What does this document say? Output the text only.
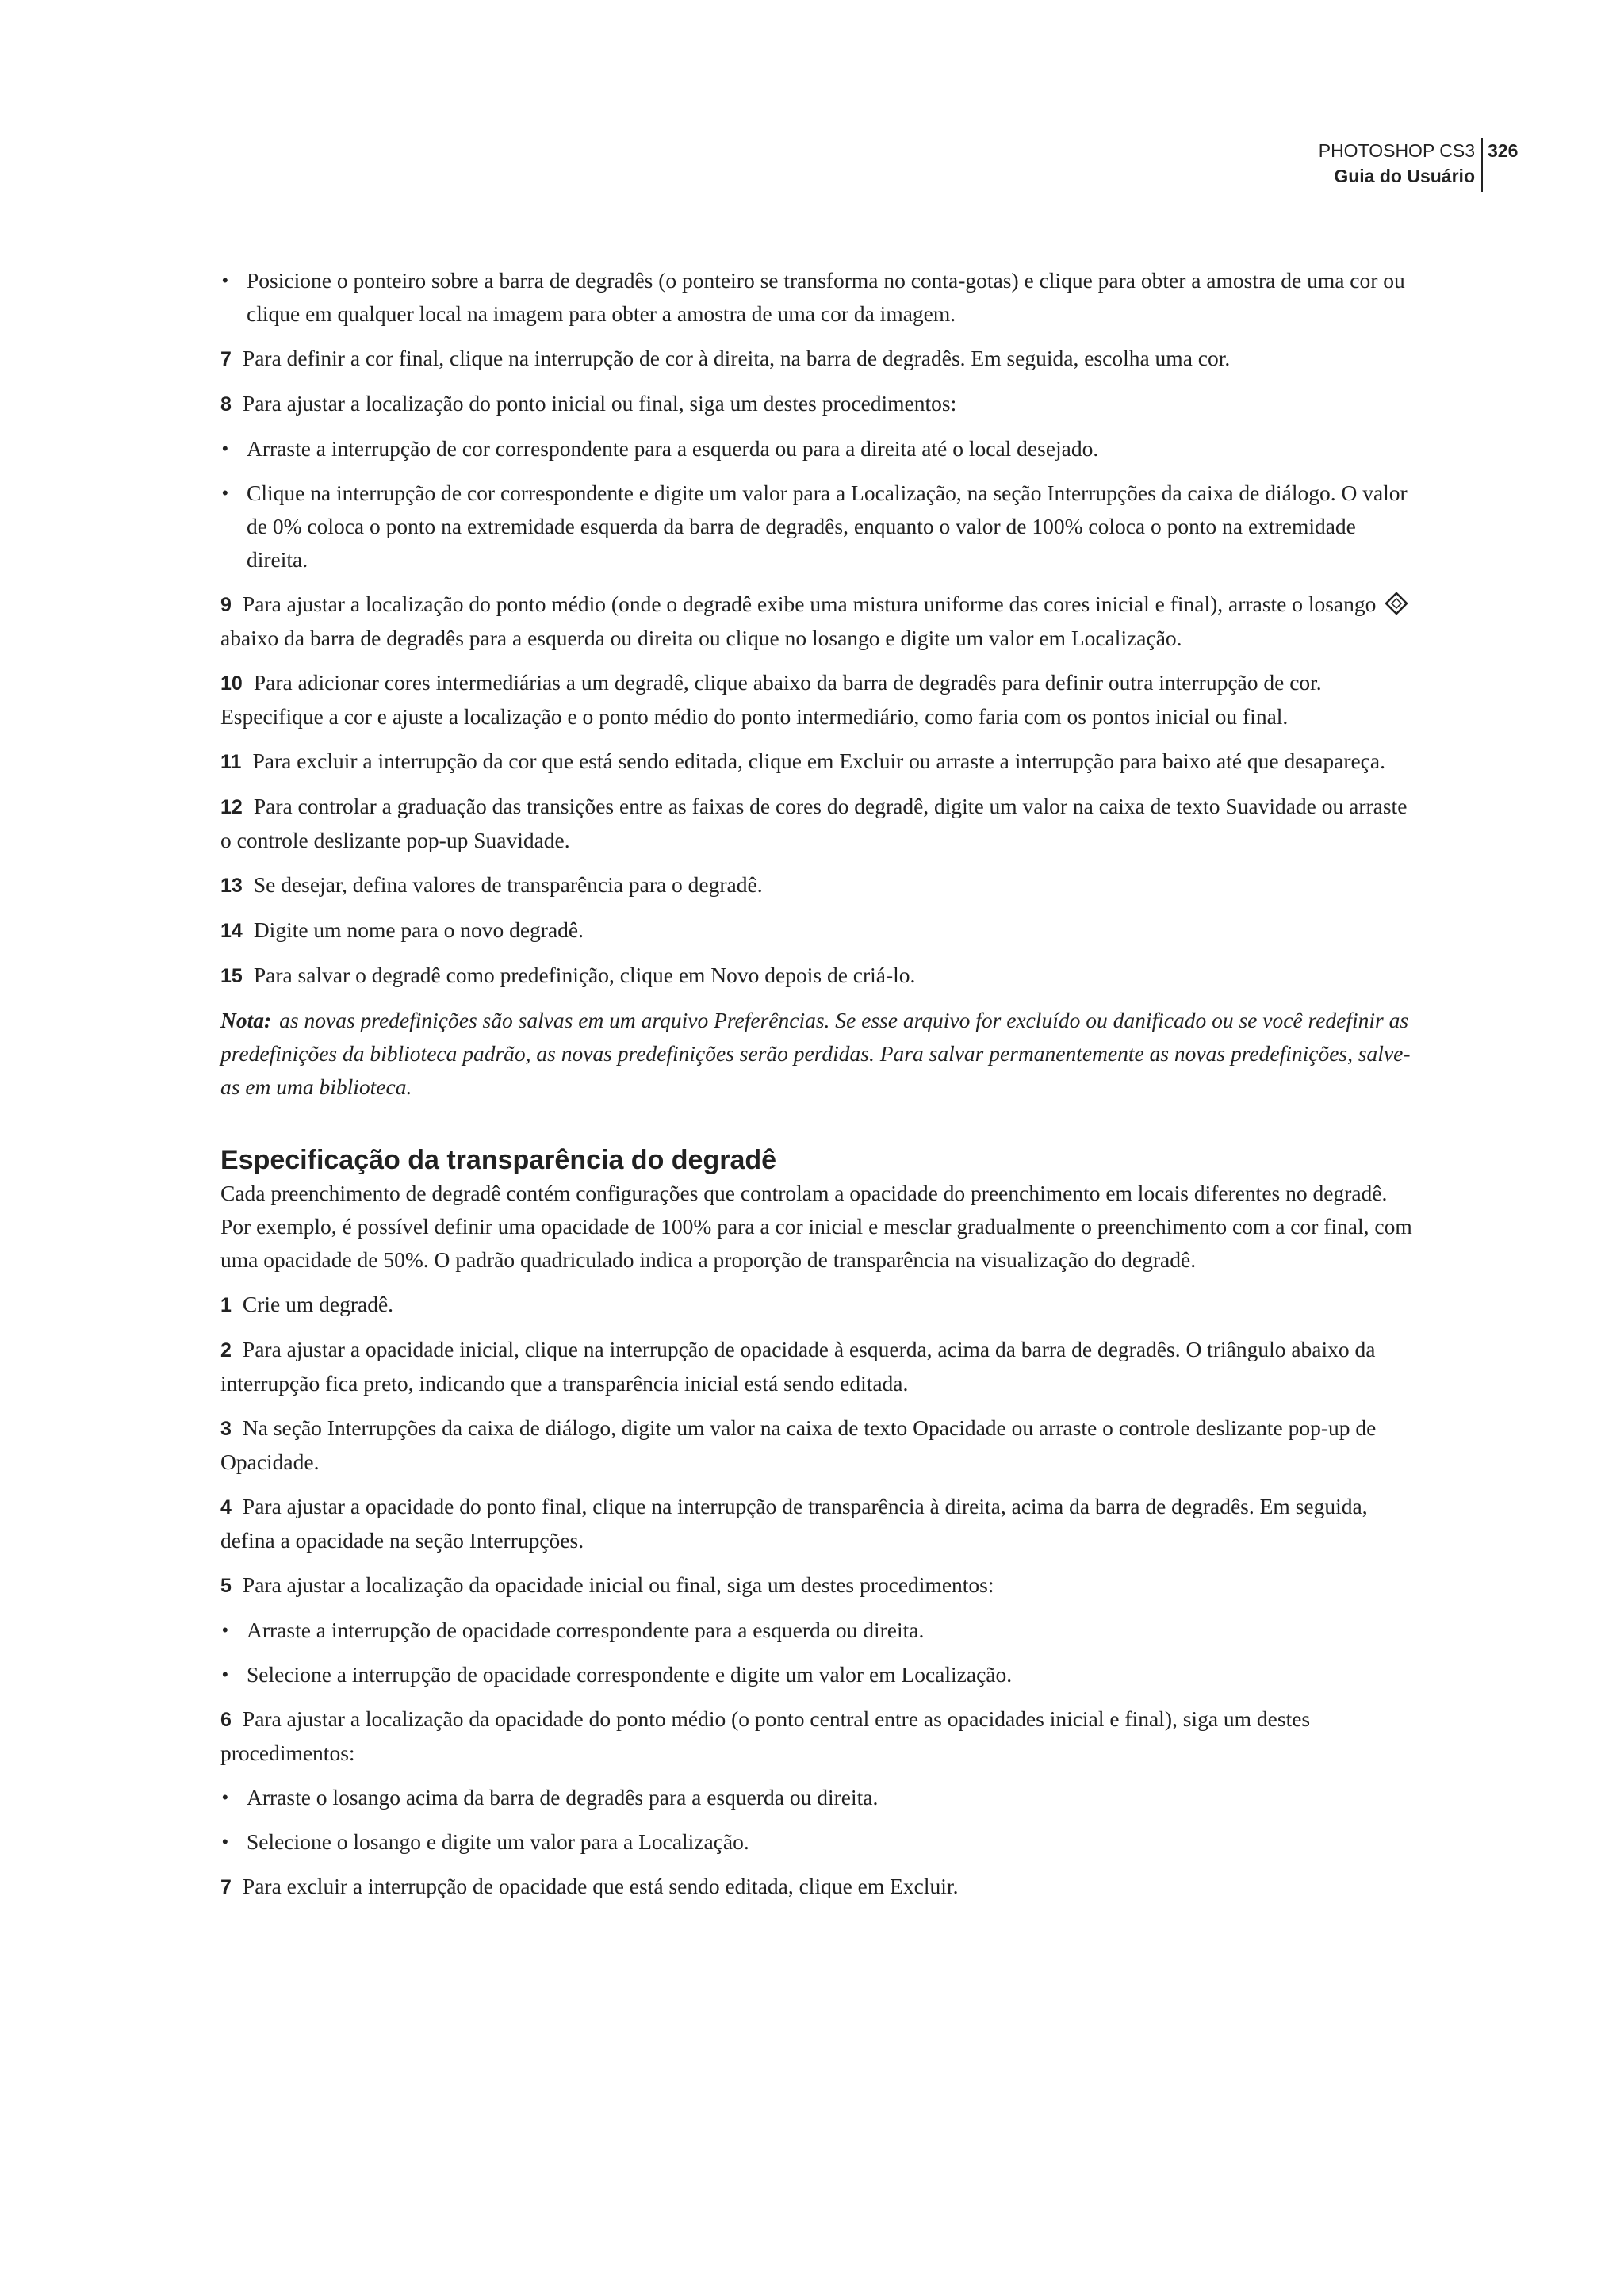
PHOTOSHOP CS3
Guia do Usuário
326
• Posicione o ponteiro sobre a barra de degradês (o ponteiro se transforma no conta-gotas) e clique para obter a amostra de uma cor ou clique em qualquer local na imagem para obter a amostra de uma cor da imagem.

7 Para definir a cor final, clique na interrupção de cor à direita, na barra de degradês. Em seguida, escolha uma cor.

8 Para ajustar a localização do ponto inicial ou final, siga um destes procedimentos:

• Arraste a interrupção de cor correspondente para a esquerda ou para a direita até o local desejado.
• Clique na interrupção de cor correspondente e digite um valor para a Localização, na seção Interrupções da caixa de diálogo. O valor de 0% coloca o ponto na extremidade esquerda da barra de degradês, enquanto o valor de 100% coloca o ponto na extremidade direita.

9 Para ajustar a localização do ponto médio (onde o degradê exibe uma mistura uniforme das cores inicial e final), arraste o losango  abaixo da barra de degradês para a esquerda ou direita ou clique no losango e digite um valor em Localização.

10 Para adicionar cores intermediárias a um degradê, clique abaixo da barra de degradês para definir outra interrupção de cor. Especifique a cor e ajuste a localização e o ponto médio do ponto intermediário, como faria com os pontos inicial ou final.

11 Para excluir a interrupção da cor que está sendo editada, clique em Excluir ou arraste a interrupção para baixo até que desapareça.

12 Para controlar a graduação das transições entre as faixas de cores do degradê, digite um valor na caixa de texto Suavidade ou arraste o controle deslizante pop-up Suavidade.

13 Se desejar, defina valores de transparência para o degradê.

14 Digite um nome para o novo degradê.

15 Para salvar o degradê como predefinição, clique em Novo depois de criá-lo.

Nota: as novas predefinições são salvas em um arquivo Preferências. Se esse arquivo for excluído ou danificado ou se você redefinir as predefinições da biblioteca padrão, as novas predefinições serão perdidas. Para salvar permanentemente as novas predefinições, salve-as em uma biblioteca.

Especificação da transparência do degradê

Cada preenchimento de degradê contém configurações que controlam a opacidade do preenchimento em locais diferentes no degradê. Por exemplo, é possível definir uma opacidade de 100% para a cor inicial e mesclar gradualmente o preenchimento com a cor final, com uma opacidade de 50%. O padrão quadriculado indica a proporção de transparência na visualização do degradê.

1 Crie um degradê.

2 Para ajustar a opacidade inicial, clique na interrupção de opacidade à esquerda, acima da barra de degradês. O triângulo abaixo da interrupção fica preto, indicando que a transparência inicial está sendo editada.

3 Na seção Interrupções da caixa de diálogo, digite um valor na caixa de texto Opacidade ou arraste o controle deslizante pop-up de Opacidade.

4 Para ajustar a opacidade do ponto final, clique na interrupção de transparência à direita, acima da barra de degradês. Em seguida, defina a opacidade na seção Interrupções.

5 Para ajustar a localização da opacidade inicial ou final, siga um destes procedimentos:

• Arraste a interrupção de opacidade correspondente para a esquerda ou direita.
• Selecione a interrupção de opacidade correspondente e digite um valor em Localização.

6 Para ajustar a localização da opacidade do ponto médio (o ponto central entre as opacidades inicial e final), siga um destes procedimentos:

• Arraste o losango acima da barra de degradês para a esquerda ou direita.
• Selecione o losango e digite um valor para a Localização.

7 Para excluir a interrupção de opacidade que está sendo editada, clique em Excluir.
